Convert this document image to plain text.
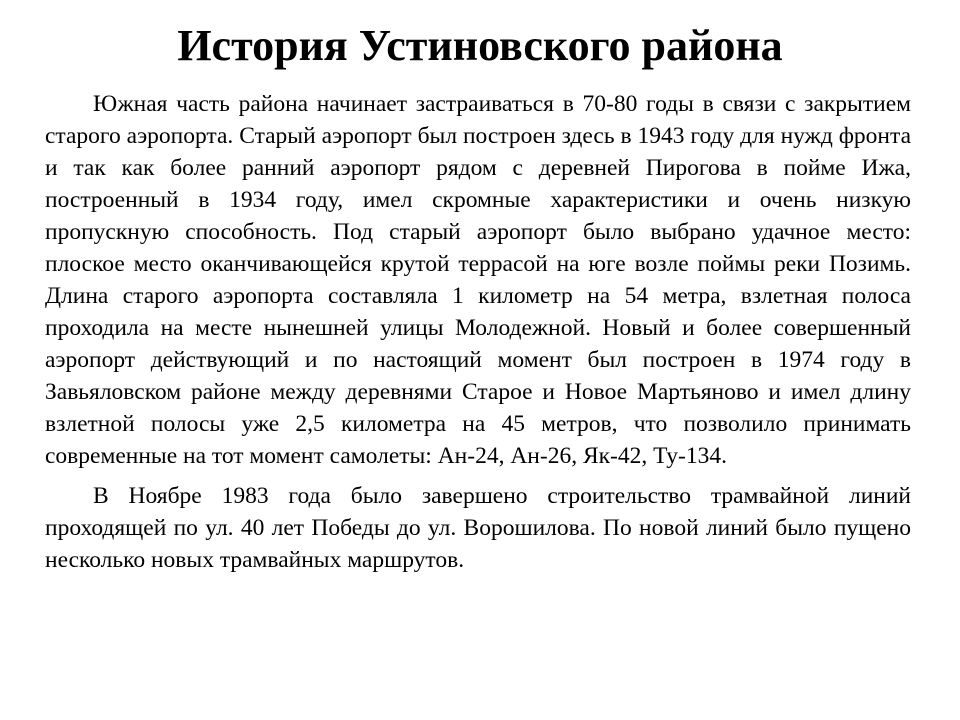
История Устиновского района

Южная часть района начинает застраиваться в 70-80 годы в связи с закрытием старого аэропорта. Старый аэропорт был построен здесь в 1943 году для нужд фронта и так как более ранний аэропорт рядом с деревней Пирогова в пойме Ижа, построенный в 1934 году, имел скромные характеристики и очень низкую пропускную способность. Под старый аэропорт было выбрано удачное место: плоское место оканчивающейся крутой террасой на юге возле поймы реки Позимь. Длина старого аэропорта составляла 1 километр на 54 метра, взлетная полоса проходила на месте нынешней улицы Молодежной. Новый и более совершенный аэропорт действующий и по настоящий момент был построен в 1974 году в Завьяловском районе между деревнями Старое и Новое Мартьяново и имел длину взлетной полосы уже 2,5 километра на 45 метров, что позволило принимать современные на тот момент самолеты: Ан-24, Ан-26, Як-42, Ту-134.

В Ноябре 1983 года было завершено строительство трамвайной линий проходящей по ул. 40 лет Победы до ул. Ворошилова. По новой линий было пущено несколько новых трамвайных маршрутов.
